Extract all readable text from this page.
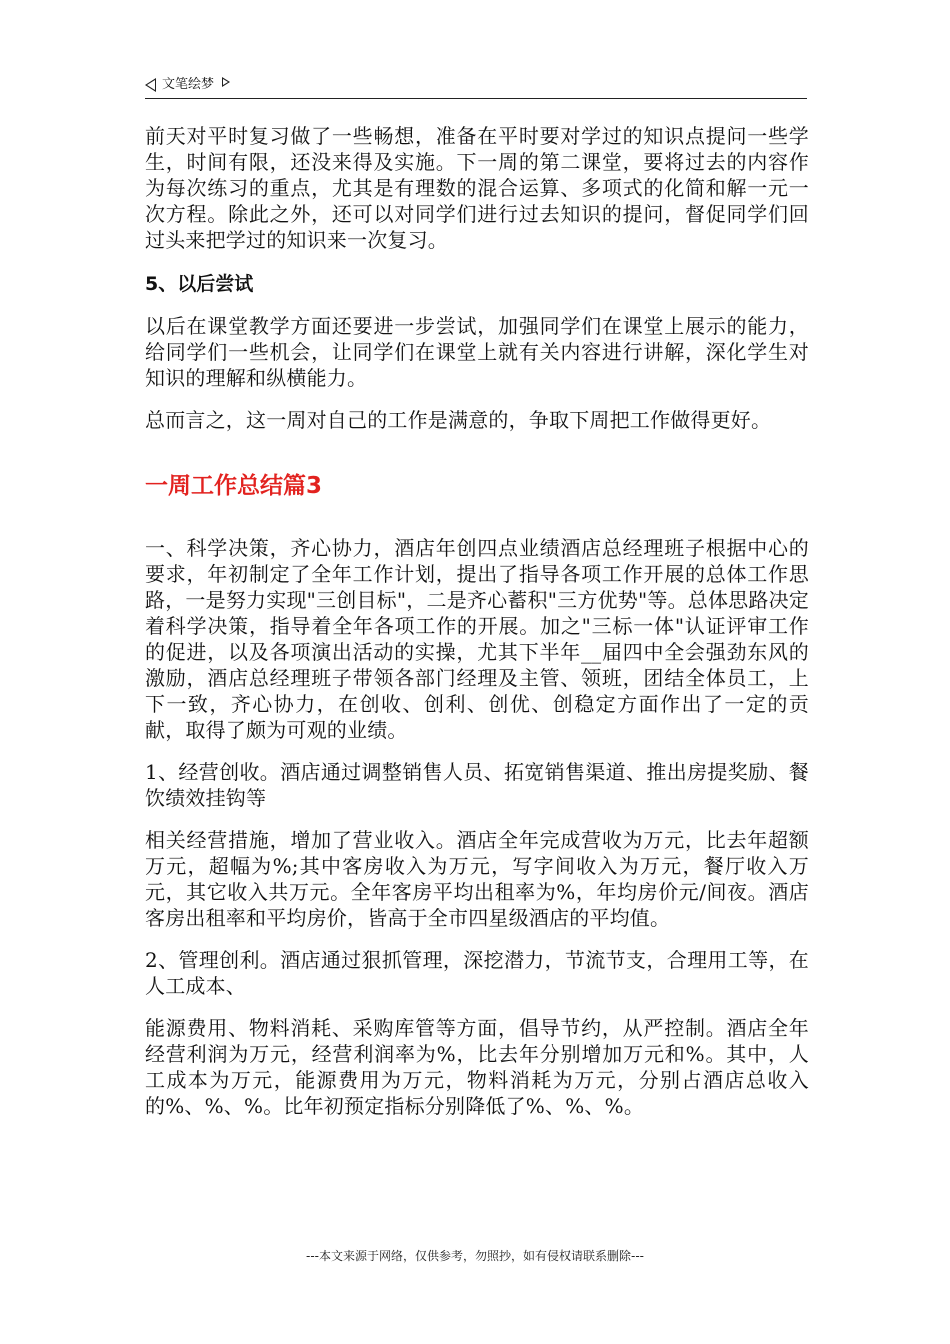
文笔绘梦

前天对平时复习做了一些畅想，准备在平时要对学过的知识点提问一些学生，时间有限，还没来得及实施。下一周的第二课堂，要将过去的内容作为每次练习的重点，尤其是有理数的混合运算、多项式的化简和解一元一次方程。除此之外，还可以对同学们进行过去知识的提问，督促同学们回过头来把学过的知识来一次复习。

5、以后尝试

以后在课堂教学方面还要进一步尝试，加强同学们在课堂上展示的能力，给同学们一些机会，让同学们在课堂上就有关内容进行讲解，深化学生对知识的理解和纵横能力。

总而言之，这一周对自己的工作是满意的，争取下周把工作做得更好。

一周工作总结篇3

一、科学决策，齐心协力，酒店年创四点业绩酒店总经理班子根据中心的要求，年初制定了全年工作计划，提出了指导各项工作开展的总体工作思路，一是努力实现"三创目标"，二是齐心蓄积"三方优势"等。总体思路决定着科学决策，指导着全年各项工作的开展。加之"三标一体"认证评审工作的促进，以及各项演出活动的实操，尤其下半年__届四中全会强劲东风的激励，酒店总经理班子带领各部门经理及主管、领班，团结全体员工，上下一致，齐心协力，在创收、创利、创优、创稳定方面作出了一定的贡献，取得了颇为可观的业绩。

1、经营创收。酒店通过调整销售人员、拓宽销售渠道、推出房提奖励、餐饮绩效挂钩等

相关经营措施，增加了营业收入。酒店全年完成营收为万元，比去年超额万元，超幅为%;其中客房收入为万元，写字间收入为万元，餐厅收入万元，其它收入共万元。全年客房平均出租率为%，年均房价元/间夜。酒店客房出租率和平均房价，皆高于全市四星级酒店的平均值。

2、管理创利。酒店通过狠抓管理，深挖潜力，节流节支，合理用工等，在人工成本、

能源费用、物料消耗、采购库管等方面，倡导节约，从严控制。酒店全年经营利润为万元，经营利润率为%，比去年分别增加万元和%。其中，人工成本为万元，能源费用为万元，物料消耗为万元，分别占酒店总收入的%、%、%。比年初预定指标分别降低了%、%、%。

---本文来源于网络，仅供参考，勿照抄，如有侵权请联系删除---
